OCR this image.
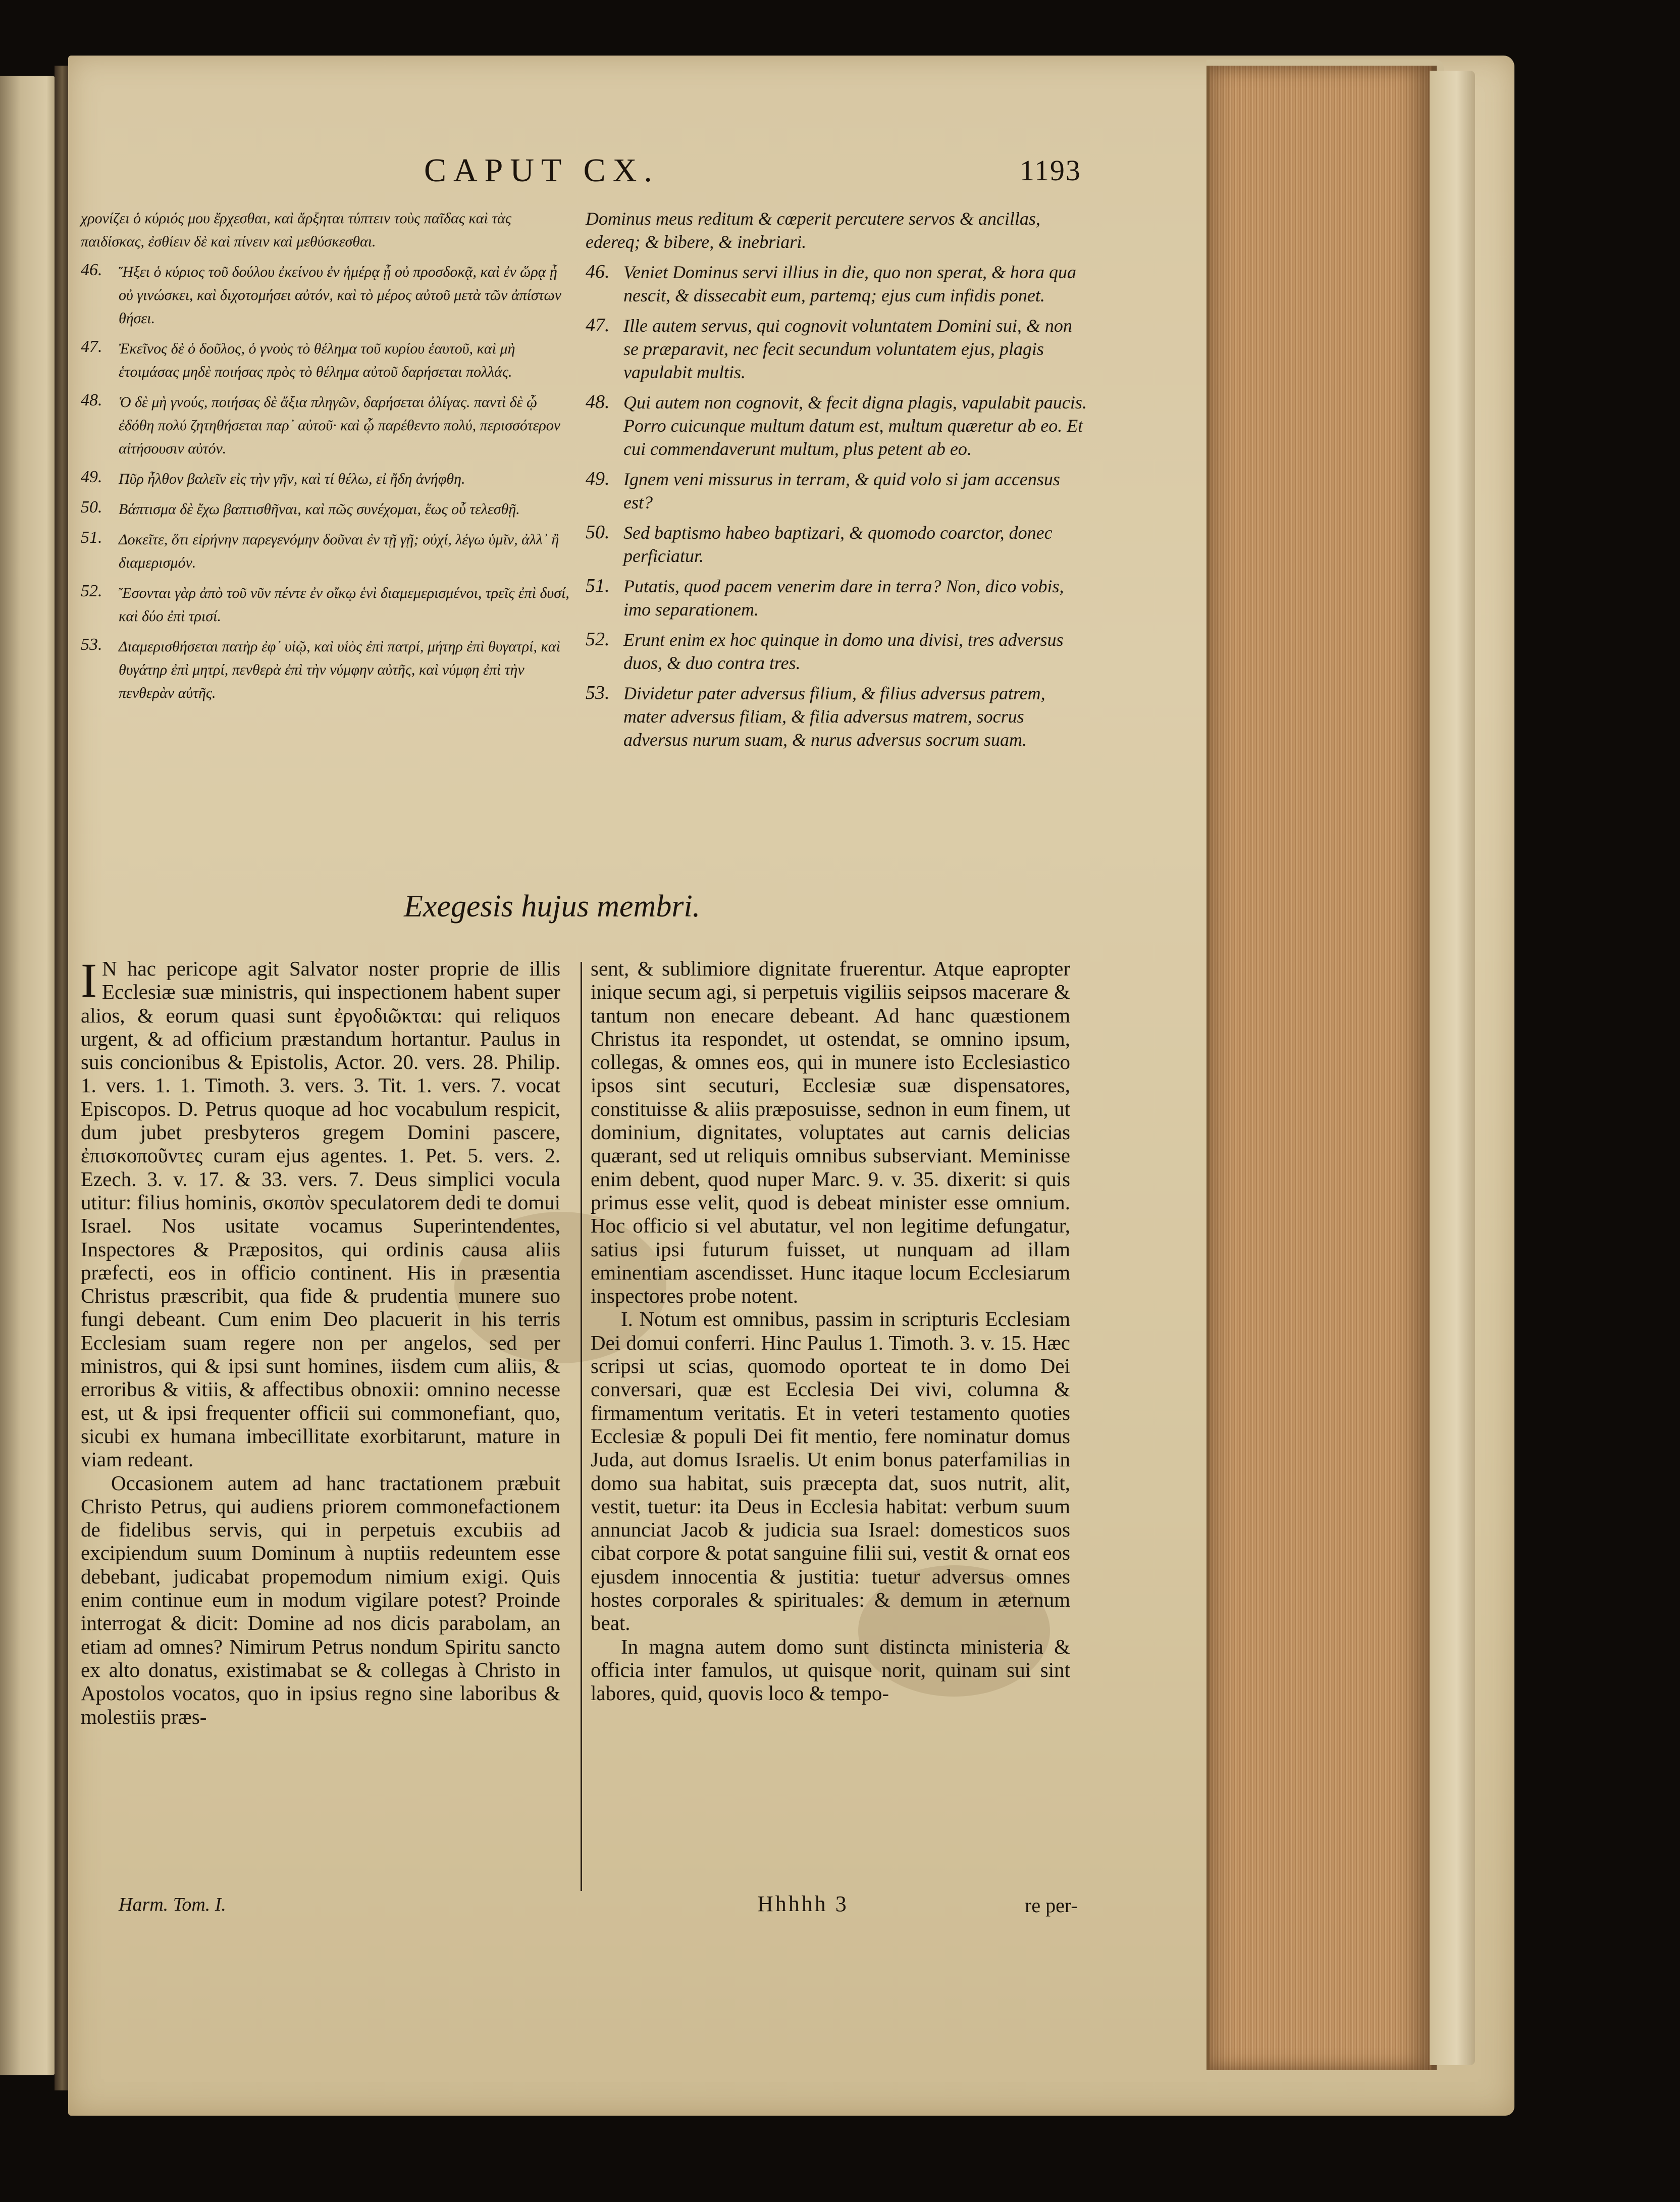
CAPUT CX.	1193
χρονίζει ὁ κύριός μου ἔρχεσθαι, καὶ ἄρξηται τύπτειν τοὺς παῖδας καὶ τὰς παιδίσκας, ἐσθίειν δὲ καὶ πίνειν καὶ μεθύσκεσθαι.
46. Ἥξει ὁ κύριος τοῦ δούλου ἐκείνου ἐν ἡμέρᾳ ᾗ οὐ προσδοκᾷ, καὶ ἐν ὥρᾳ ᾗ οὐ γινώσκει, καὶ διχοτομήσει αὐτόν, καὶ τὸ μέρος αὐτοῦ μετὰ τῶν ἀπίστων θήσει.
47. Ἐκεῖνος δὲ ὁ δοῦλος, ὁ γνοὺς τὸ θέλημα τοῦ κυρίου ἑαυτοῦ, καὶ μὴ ἑτοιμάσας μηδὲ ποιήσας πρὸς τὸ θέλημα αὐτοῦ δαρήσεται πολλάς.
48. Ὁ δὲ μὴ γνούς, ποιήσας δὲ ἄξια πληγῶν, δαρήσεται ὀλίγας. παντὶ δὲ ᾧ ἐδόθη πολύ ζητηθήσεται παρ᾽ αὐτοῦ· καὶ ᾧ παρέθεντο πολύ, περισσότερον αἰτήσουσιν αὐτόν.
49. Πῦρ ἦλθον βαλεῖν εἰς τὴν γῆν, καὶ τί θέλω, εἰ ἤδη ἀνήφθη.
50. Βάπτισμα δὲ ἔχω βαπτισθῆναι, καὶ πῶς συνέχομαι, ἕως οὗ τελεσθῇ.
51. Δοκεῖτε, ὅτι εἰρήνην παρεγενόμην δοῦναι ἐν τῇ γῇ; οὐχί, λέγω ὑμῖν, ἀλλ᾽ ἢ διαμερισμόν.
52. Ἔσονται γὰρ ἀπὸ τοῦ νῦν πέντε ἐν οἴκῳ ἑνὶ διαμεμερισμένοι, τρεῖς ἐπὶ δυσί, καὶ δύο ἐπὶ τρισί.
53. Διαμερισθήσεται πατὴρ ἐφ᾽ υἱῷ, καὶ υἱὸς ἐπὶ πατρί, μήτηρ ἐπὶ θυγατρί, καὶ θυγάτηρ ἐπὶ μητρί, πενθερὰ ἐπὶ τὴν νύμφην αὐτῆς, καὶ νύμφη ἐπὶ τὴν πενθερὰν αὐτῆς.
Dominus meus reditum & cœperit percutere servos & ancillas, edereq; & bibere, & inebriari.
46. Veniet Dominus servi illius in die, quo non sperat, & hora qua nescit, & dissecabit eum, partemq; ejus cum infidis ponet.
47. Ille autem servus, qui cognovit voluntatem Domini sui, & non se præparavit, nec fecit secundum voluntatem ejus, plagis vapulabit multis.
48. Qui autem non cognovit, & fecit digna plagis, vapulabit paucis. Porro cuicunque multum datum est, multum quæretur ab eo. Et cui commendaverunt multum, plus petent ab eo.
49. Ignem veni missurus in terram, & quid volo si jam accensus est?
50. Sed baptismo habeo baptizari, & quomodo coarctor, donec perficiatur.
51. Putatis, quod pacem venerim dare in terra? Non, dico vobis, imo separationem.
52. Erunt enim ex hoc quinque in domo una divisi, tres adversus duos, & duo contra tres.
53. Dividetur pater adversus filium, & filius adversus patrem, mater adversus filiam, & filia adversus matrem, socrus adversus nurum suam, & nurus adversus socrum suam.
Exegesis hujus membri.

I N hac pericope agit Salvator noster proprie de illis Ecclesiæ suæ ministris, qui inspectionem habent super alios, & eorum quasi sunt ἐργοδιῶκται: qui reliquos urgent, & ad officium præstandum hortantur. Paulus in suis concionibus & Epistolis, Actor. 20. vers. 28. Philip. 1. vers. 1. 1. Timoth. 3. vers. 3. Tit. 1. vers. 7. vocat Episcopos. D. Petrus quoque ad hoc vocabulum respicit, dum jubet presbyteros gregem Domini pascere, ἐπισκοποῦντες curam ejus agentes. 1. Pet. 5. vers. 2. Ezech. 3. v. 17. & 33. vers. 7. Deus simplici vocula utitur: filius hominis, σκοπὸν speculatorem dedi te domui Israel. Nos usitate vocamus Superintendentes, Inspectores & Præpositos, qui ordinis causa aliis præfecti, eos in officio continent. His in præsentia Christus præscribit, qua fide & prudentia munere suo fungi debeant. Cum enim Deo placuerit in his terris Ecclesiam suam regere non per angelos, sed per ministros, qui & ipsi sunt homines, iisdem cum aliis, & erroribus & vitiis, & affectibus obnoxii: omnino necesse est, ut & ipsi frequenter officii sui commonefiant, quo, sicubi ex humana imbecillitate exorbitarunt, mature in viam redeant.

Occasionem autem ad hanc tractationem præbuit Christo Petrus, qui audiens priorem commonefactionem de fidelibus servis, qui in perpetuis excubiis ad excipiendum suum Dominum à nuptiis redeuntem esse debebant, judicabat propemodum nimium exigi. Quis enim continue eum in modum vigilare potest? Proinde interrogat & dicit: Domine ad nos dicis parabolam, an etiam ad omnes? Nimirum Petrus nondum Spiritu sancto ex alto donatus, existimabat se & collegas à Christo in Apostolos vocatos, quo in ipsius regno sine laboribus & molestiis præs-

sent, & sublimiore dignitate fruerentur. Atque eapropter inique secum agi, si perpetuis vigiliis seipsos macerare & tantum non enecare debeant. Ad hanc quæstionem Christus ita respondet, ut ostendat, se omnino ipsum, collegas, & omnes eos, qui in munere isto Ecclesiastico ipsos sint secuturi, Ecclesiæ suæ dispensatores, constituisse & aliis præposuisse, sednon in eum finem, ut dominium, dignitates, voluptates aut carnis delicias quærant, sed ut reliquis omnibus subserviant. Meminisse enim debent, quod nuper Marc. 9. v. 35. dixerit: si quis primus esse velit, quod is debeat minister esse omnium. Hoc officio si vel abutatur, vel non legitime defungatur, satius ipsi futurum fuisset, ut nunquam ad illam eminentiam ascendisset. Hunc itaque locum Ecclesiarum inspectores probe notent.

I. Notum est omnibus, passim in scripturis Ecclesiam Dei domui conferri. Hinc Paulus 1. Timoth. 3. v. 15. Hæc scripsi ut scias, quomodo oporteat te in domo Dei conversari, quæ est Ecclesia Dei vivi, columna & firmamentum veritatis. Et in veteri testamento quoties Ecclesiæ & populi Dei fit mentio, fere nominatur domus Juda, aut domus Israelis. Ut enim bonus paterfamilias in domo sua habitat, suis præcepta dat, suos nutrit, alit, vestit, tuetur: ita Deus in Ecclesia habitat: verbum suum annunciat Jacob & judicia sua Israel: domesticos suos cibat corpore & potat sanguine filii sui, vestit & ornat eos ejusdem innocentia & justitia: tuetur adversus omnes hostes corporales & spirituales: & demum in æternum beat.

In magna autem domo sunt distincta ministeria & officia inter famulos, ut quisque norit, quinam sui sint labores, quid, quovis loco & tempo-

Harm. Tom. I.	Hhhhh 3	re per-
